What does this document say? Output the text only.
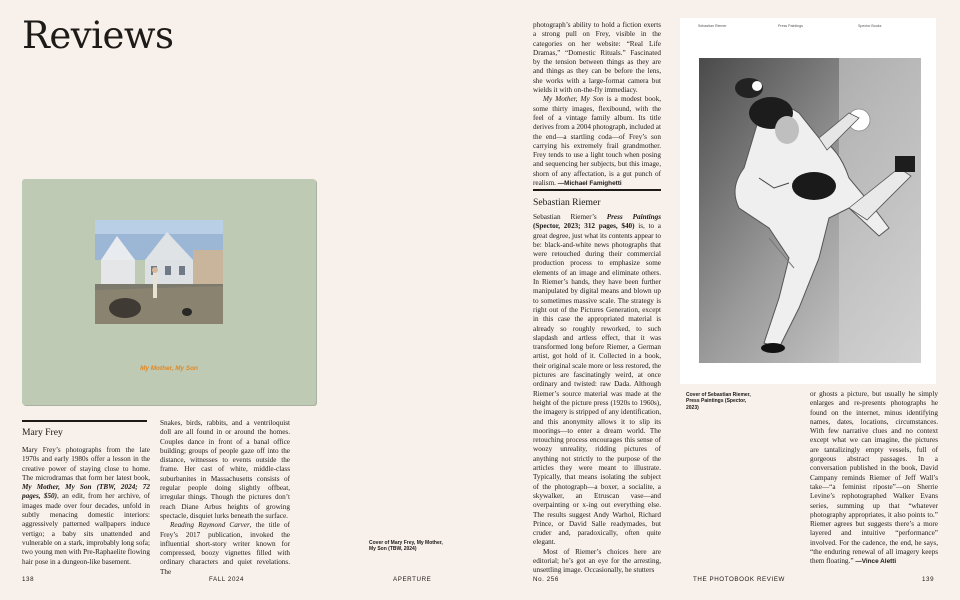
Reviews
My Mother, My Son
Mary Frey

Mary Frey’s photographs from the late 1970s and early 1980s offer a lesson in the creative power of staying close to home. The microdramas that form her latest book, My Mother, My Son (TBW, 2024; 72 pages, $50), an edit, from her archive, of images made over four decades, unfold in subtly menacing domestic interiors: aggressively patterned wallpapers induce vertigo; a baby sits unattended and vulnerable on a stark, improbably long sofa; two young men with Pre-Raphaelite flowing hair pose in a dungeon-like basement.

Snakes, birds, rabbits, and a ventriloquist doll are all found in or around the homes. Couples dance in front of a banal office building; groups of people gaze off into the distance, witnesses to events outside the frame. Her cast of white, middle-class suburbanites in Massachusetts consists of regular people doing slightly offbeat, irregular things. Though the pictures don’t reach Diane Arbus heights of growing spectacle, disquiet lurks beneath the surface.

Reading Raymond Carver, the title of Frey’s 2017 publication, invoked the influential short-story writer known for compressed, boozy vignettes filled with ordinary characters and quiet revelations. The

Cover of Mary Frey, My Mother, My Son (TBW, 2024)

photograph’s ability to hold a fiction exerts a strong pull on Frey, visible in the categories on her website: “Real Life Dramas,” “Domestic Rituals.” Fascinated by the tension between things as they are and things as they can be before the lens, she works with a large-format camera but wields it with on-the-fly immediacy.

My Mother, My Son is a modest book, some thirty images, flexibound, with the feel of a vintage family album. Its title derives from a 2004 photograph, included at the end—a startling coda—of Frey’s son carrying his extremely frail grandmother. Frey tends to use a light touch when posing and sequencing her subjects, but this image, shorn of any affectation, is a gut punch of realism. —Michael Famighetti

Sebastian Riemer

Sebastian Riemer’s Press Paintings (Spector, 2023; 312 pages, $40) is, to a great degree, just what its contents appear to be: black-and-white news photographs that were retouched during their commercial production process to emphasize some elements of an image and eliminate others. In Riemer’s hands, they have been further manipulated by digital means and blown up to sometimes massive scale. The strategy is right out of the Pictures Generation, except in this case the appropriated material is already so roughly reworked, to such slapdash and artless effect, that it was transformed long before Riemer, a German artist, got hold of it. Collected in a book, their original scale more or less restored, the pictures are fascinatingly weird, at once ordinary and twisted: raw Dada. Although Riemer’s source material was made at the height of the picture press (1920s to 1960s), the imagery is stripped of any identification, and this anonymity allows it to slip its moorings—to enter a dream world. The retouching process encourages this sense of woozy unreality, ridding pictures of anything not strictly to the purpose of the articles they were meant to illustrate. Typically, that means isolating the subject of the photograph—a boxer, a socialite, a skywalker, an Etruscan vase—and overpainting or x-ing out everything else. The results suggest Andy Warhol, Richard Prince, or David Salle readymades, but cruder and, paradoxically, often quite elegant.

Most of Riemer’s choices here are editorial; he’s got an eye for the arresting, unsettling image. Occasionally, he stutters

Sebastian Riemer	Press Paintings	Spector Books
Cover of Sebastian Riemer, Press Paintings (Spector, 2023)

or ghosts a picture, but usually he simply enlarges and re-presents photographs he found on the internet, minus identifying names, dates, locations, circumstances. With few narrative clues and no context except what we can imagine, the pictures are tantalizingly empty vessels, full of gorgeous abstract passages. In a conversation published in the book, David Campany reminds Riemer of Jeff Wall’s take—“a feminist riposte”—on Sherrie Levine’s rephotographed Walker Evans series, summing up that “whatever photography appropriates, it also points to.” Riemer agrees but suggests there’s a more layered and intuitive “performance” involved. For the cadence, the end, he says, “the enduring renewal of all imagery keeps them floating.” —Vince Aletti

138	FALL 2024	APERTURE	No. 256	THE PHOTOBOOK REVIEW	139
